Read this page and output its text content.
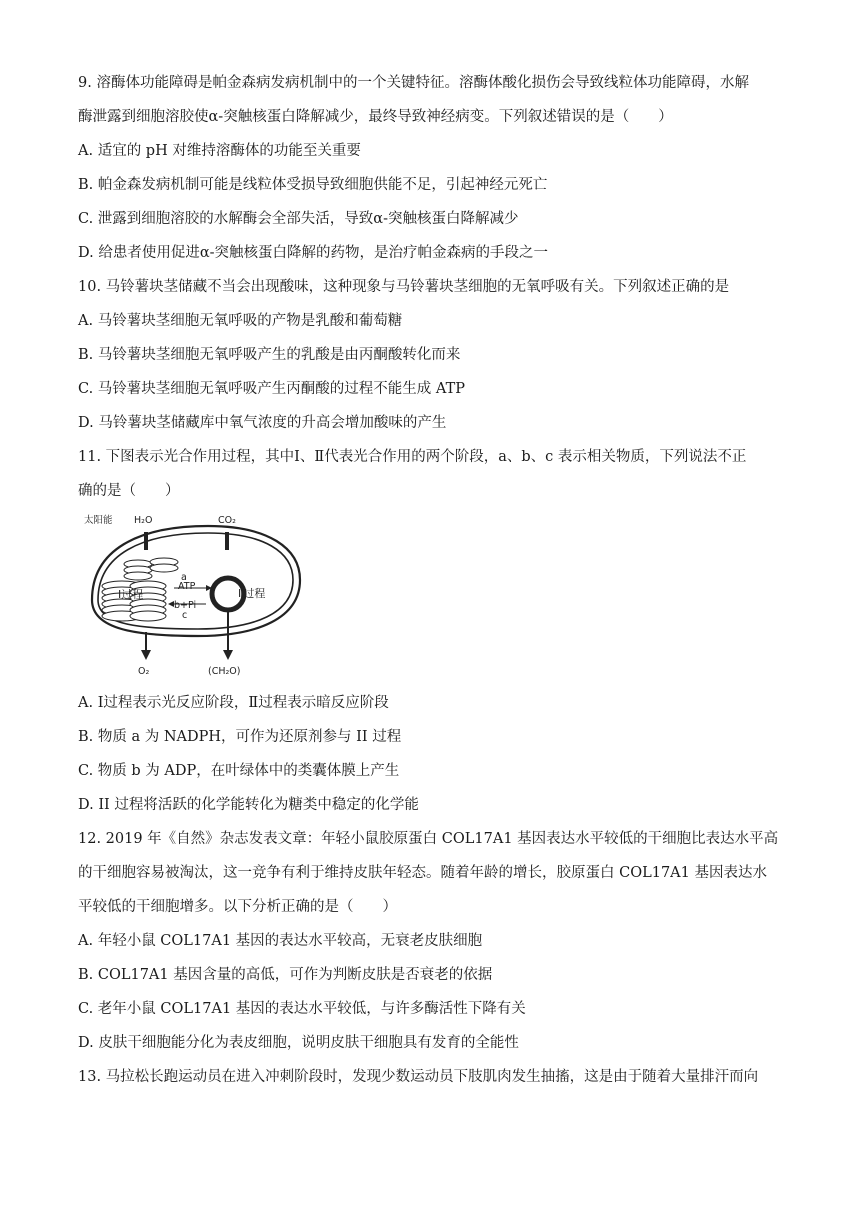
9. 溶酶体功能障碍是帕金森病发病机制中的一个关键特征。溶酶体酸化损伤会导致线粒体功能障碍，水解
酶泄露到细胞溶胶使α-突触核蛋白降解减少，最终导致神经病变。下列叙述错误的是（　　）
A. 适宜的 pH 对维持溶酶体的功能至关重要
B. 帕金森发病机制可能是线粒体受损导致细胞供能不足，引起神经元死亡
C. 泄露到细胞溶胶的水解酶会全部失活，导致α-突触核蛋白降解减少
D. 给患者使用促进α-突触核蛋白降解的药物，是治疗帕金森病的手段之一
10. 马铃薯块茎储藏不当会出现酸味，这种现象与马铃薯块茎细胞的无氧呼吸有关。下列叙述正确的是
A. 马铃薯块茎细胞无氧呼吸的产物是乳酸和葡萄糖
B. 马铃薯块茎细胞无氧呼吸产生的乳酸是由丙酮酸转化而来
C. 马铃薯块茎细胞无氧呼吸产生丙酮酸的过程不能生成 ATP
D. 马铃薯块茎储藏库中氧气浓度的升高会增加酸味的产生
11. 下图表示光合作用过程，其中Ⅰ、Ⅱ代表光合作用的两个阶段，a、b、c 表示相关物质，下列说法不正
确的是（　　）
太阳能 H₂O	CO₂
Ⅰ过程	Ⅱ过程
a
ATP
b+Pi
c
O₂	(CH₂O)
A. Ⅰ过程表示光反应阶段，Ⅱ过程表示暗反应阶段
B. 物质 a 为 NADPH，可作为还原剂参与 II 过程
C. 物质 b 为 ADP，在叶绿体中的类囊体膜上产生
D. II 过程将活跃的化学能转化为糖类中稳定的化学能
12. 2019 年《自然》杂志发表文章：年轻小鼠胶原蛋白 COL17A1 基因表达水平较低的干细胞比表达水平高
的干细胞容易被淘汰，这一竞争有利于维持皮肤年轻态。随着年龄的增长，胶原蛋白 COL17A1 基因表达水
平较低的干细胞增多。以下分析正确的是（　　）
A. 年轻小鼠 COL17A1 基因的表达水平较高，无衰老皮肤细胞
B. COL17A1 基因含量的高低，可作为判断皮肤是否衰老的依据
C. 老年小鼠 COL17A1 基因的表达水平较低，与许多酶活性下降有关
D. 皮肤干细胞能分化为表皮细胞，说明皮肤干细胞具有发育的全能性
13. 马拉松长跑运动员在进入冲刺阶段时，发现少数运动员下肢肌肉发生抽搐，这是由于随着大量排汗而向
